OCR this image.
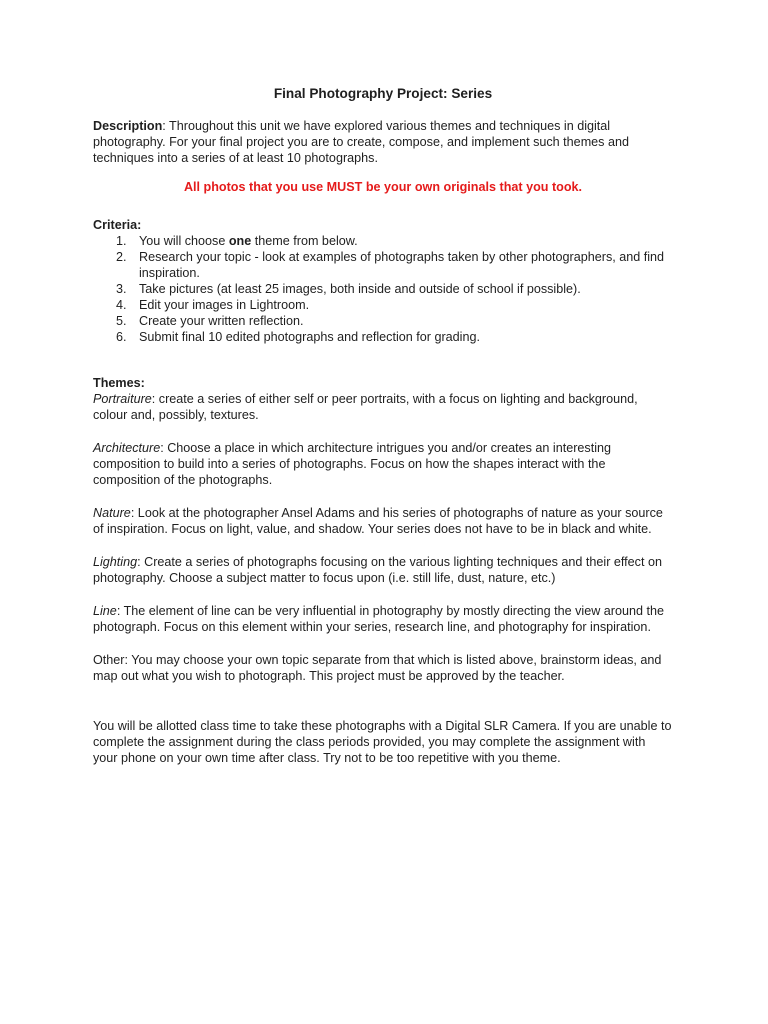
Final Photography Project: Series

Description: Throughout this unit we have explored various themes and techniques in digital photography. For your final project you are to create, compose, and implement such themes and techniques into a series of at least 10 photographs.

All photos that you use MUST be your own originals that you took.

Criteria:
1. You will choose one theme from below.
2. Research your topic - look at examples of photographs taken by other photographers, and find inspiration.
3. Take pictures (at least 25 images, both inside and outside of school if possible).
4. Edit your images in Lightroom.
5. Create your written reflection.
6. Submit final 10 edited photographs and reflection for grading.
Themes:

Portraiture: create a series of either self or peer portraits, with a focus on lighting and background, colour and, possibly, textures.

Architecture: Choose a place in which architecture intrigues you and/or creates an interesting composition to build into a series of photographs. Focus on how the shapes interact with the composition of the photographs.

Nature: Look at the photographer Ansel Adams and his series of photographs of nature as your source of inspiration. Focus on light, value, and shadow. Your series does not have to be in black and white.

Lighting: Create a series of photographs focusing on the various lighting techniques and their effect on photography. Choose a subject matter to focus upon (i.e. still life, dust, nature, etc.)

Line: The element of line can be very influential in photography by mostly directing the view around the photograph. Focus on this element within your series, research line, and photography for inspiration.

Other: You may choose your own topic separate from that which is listed above, brainstorm ideas, and map out what you wish to photograph. This project must be approved by the teacher.

You will be allotted class time to take these photographs with a Digital SLR Camera. If you are unable to complete the assignment during the class periods provided, you may complete the assignment with your phone on your own time after class. Try not to be too repetitive with you theme.
